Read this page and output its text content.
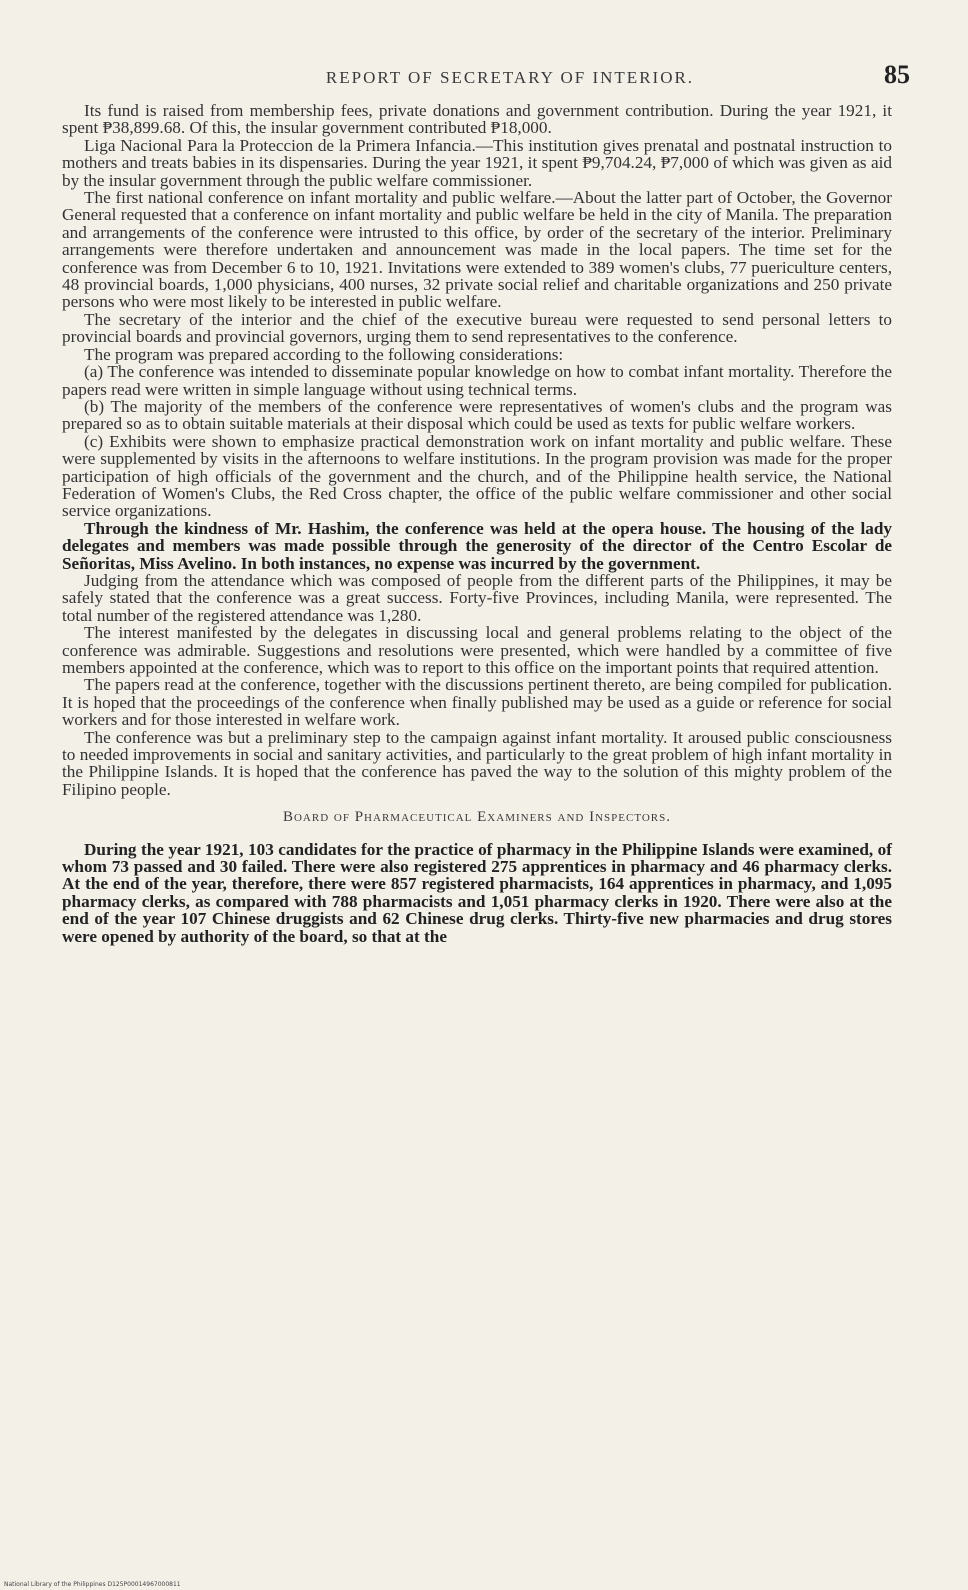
REPORT OF SECRETARY OF INTERIOR.	85

Its fund is raised from membership fees, private donations and government contribution. During the year 1921, it spent ₱38,899.68. Of this, the insular government contributed ₱18,000.

Liga Nacional Para la Proteccion de la Primera Infancia.—This institution gives prenatal and postnatal instruction to mothers and treats babies in its dispensaries. During the year 1921, it spent ₱9,704.24, ₱7,000 of which was given as aid by the insular government through the public welfare commissioner.

The first national conference on infant mortality and public welfare.—About the latter part of October, the Governor General requested that a conference on infant mortality and public welfare be held in the city of Manila. The preparation and arrangements of the conference were intrusted to this office, by order of the secretary of the interior. Preliminary arrangements were therefore undertaken and announcement was made in the local papers. The time set for the conference was from December 6 to 10, 1921. Invitations were extended to 389 women's clubs, 77 puericulture centers, 48 provincial boards, 1,000 physicians, 400 nurses, 32 private social relief and charitable organizations and 250 private persons who were most likely to be interested in public welfare.

The secretary of the interior and the chief of the executive bureau were requested to send personal letters to provincial boards and provincial governors, urging them to send representatives to the conference.

The program was prepared according to the following considerations:

(a) The conference was intended to disseminate popular knowledge on how to combat infant mortality. Therefore the papers read were written in simple language without using technical terms.

(b) The majority of the members of the conference were representatives of women's clubs and the program was prepared so as to obtain suitable materials at their disposal which could be used as texts for public welfare workers.

(c) Exhibits were shown to emphasize practical demonstration work on infant mortality and public welfare. These were supplemented by visits in the afternoons to welfare institutions. In the program provision was made for the proper participation of high officials of the government and the church, and of the Philippine health service, the National Federation of Women's Clubs, the Red Cross chapter, the office of the public welfare commissioner and other social service organizations.

Through the kindness of Mr. Hashim, the conference was held at the opera house. The housing of the lady delegates and members was made possible through the generosity of the director of the Centro Escolar de Señoritas, Miss Avelino. In both instances, no expense was incurred by the government.

Judging from the attendance which was composed of people from the different parts of the Philippines, it may be safely stated that the conference was a great success. Forty-five Provinces, including Manila, were represented. The total number of the registered attendance was 1,280.

The interest manifested by the delegates in discussing local and general problems relating to the object of the conference was admirable. Suggestions and resolutions were presented, which were handled by a committee of five members appointed at the conference, which was to report to this office on the important points that required attention.

The papers read at the conference, together with the discussions pertinent thereto, are being compiled for publication. It is hoped that the proceedings of the conference when finally published may be used as a guide or reference for social workers and for those interested in welfare work.

The conference was but a preliminary step to the campaign against infant mortality. It aroused public consciousness to needed improvements in social and sanitary activities, and particularly to the great problem of high infant mortality in the Philippine Islands. It is hoped that the conference has paved the way to the solution of this mighty problem of the Filipino people.

Board of Pharmaceutical Examiners and Inspectors.

During the year 1921, 103 candidates for the practice of pharmacy in the Philippine Islands were examined, of whom 73 passed and 30 failed. There were also registered 275 apprentices in pharmacy and 46 pharmacy clerks. At the end of the year, therefore, there were 857 registered pharmacists, 164 apprentices in pharmacy, and 1,095 pharmacy clerks, as compared with 788 pharmacists and 1,051 pharmacy clerks in 1920. There were also at the end of the year 107 Chinese druggists and 62 Chinese drug clerks. Thirty-five new pharmacies and drug stores were opened by authority of the board, so that at the

National Library of the Philippines D125P00014967000811
